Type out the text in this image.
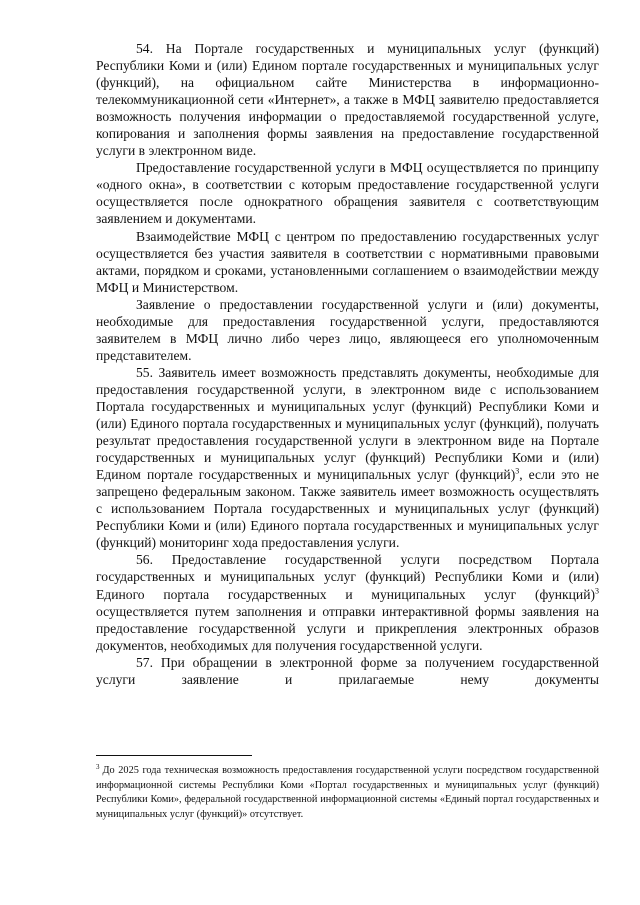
54. На Портале государственных и муниципальных услуг (функций) Республики Коми и (или) Едином портале государственных и муниципальных услуг (функций), на официальном сайте Министерства в информационно-телекоммуникационной сети «Интернет», а также в МФЦ заявителю предоставляется возможность получения информации о предоставляемой государственной услуге, копирования и заполнения формы заявления на предоставление государственной услуги в электронном виде.

Предоставление государственной услуги в МФЦ осуществляется по принципу «одного окна», в соответствии с которым предоставление государственной услуги осуществляется после однократного обращения заявителя с соответствующим заявлением и документами.

Взаимодействие МФЦ с центром по предоставлению государственных услуг осуществляется без участия заявителя в соответствии с нормативными правовыми актами, порядком и сроками, установленными соглашением о взаимодействии между МФЦ и Министерством.

Заявление о предоставлении государственной услуги и (или) документы, необходимые для предоставления государственной услуги, предоставляются заявителем в МФЦ лично либо через лицо, являющееся его уполномоченным представителем.

55. Заявитель имеет возможность представлять документы, необходимые для предоставления государственной услуги, в электронном виде с использованием Портала государственных и муниципальных услуг (функций) Республики Коми и (или) Единого портала государственных и муниципальных услуг (функций), получать результат предоставления государственной услуги в электронном виде на Портале государственных и муниципальных услуг (функций) Республики Коми и (или) Едином портале государственных и муниципальных услуг (функций)$^3$, если это не запрещено федеральным законом. Также заявитель имеет возможность осуществлять с использованием Портала государственных и муниципальных услуг (функций) Республики Коми и (или) Единого портала государственных и муниципальных услуг (функций) мониторинг хода предоставления услуги.

56. Предоставление государственной услуги посредством Портала государственных и муниципальных услуг (функций) Республики Коми и (или) Единого портала государственных и муниципальных услуг (функций)$^3$ осуществляется путем заполнения и отправки интерактивной формы заявления на предоставление государственной услуги и прикрепления электронных образов документов, необходимых для получения государственной услуги.

57. При обращении в электронной форме за получением государственной услуги заявление и прилагаемые нему документы

$^3$ До 2025 года техническая возможность предоставления государственной услуги посредством государственной информационной системы Республики Коми «Портал государственных и муниципальных услуг (функций) Республики Коми», федеральной государственной информационной системы «Единый портал государственных и муниципальных услуг (функций)» отсутствует.
